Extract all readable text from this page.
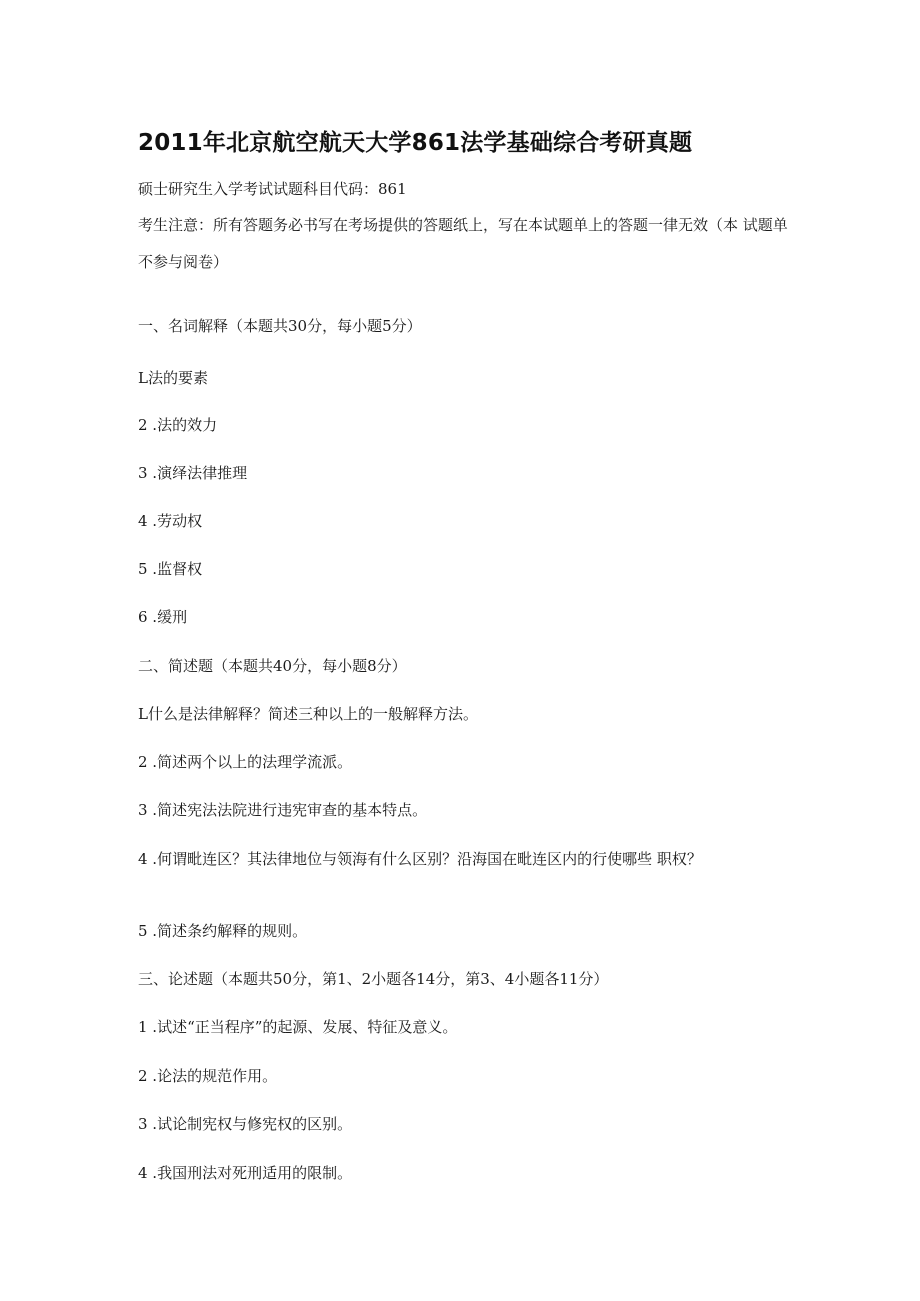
2011年北京航空航天大学861法学基础综合考研真题
硕士研究生入学考试试题科目代码：861
考生注意：所有答题务必书写在考场提供的答题纸上，写在本试题单上的答题一律无效（本 试题单不参与阅卷）
一、名词解释（本题共30分，每小题5分）
L法的要素
2 .法的效力
3 .演绎法律推理
4 .劳动权
5 .监督权
6 .缓刑
二、简述题（本题共40分，每小题8分）
L什么是法律解释？简述三种以上的一般解释方法。
2 .简述两个以上的法理学流派。
3 .简述宪法法院进行违宪审查的基本特点。
4 .何谓毗连区？其法律地位与领海有什么区别？沿海国在毗连区内的行使哪些 职权？
5 .简述条约解释的规则。
三、论述题（本题共50分，第1、2小题各14分，第3、4小题各11分）
1 .试述“正当程序”的起源、发展、特征及意义。
2 .论法的规范作用。
3 .试论制宪权与修宪权的区别。
4 .我国刑法对死刑适用的限制。
